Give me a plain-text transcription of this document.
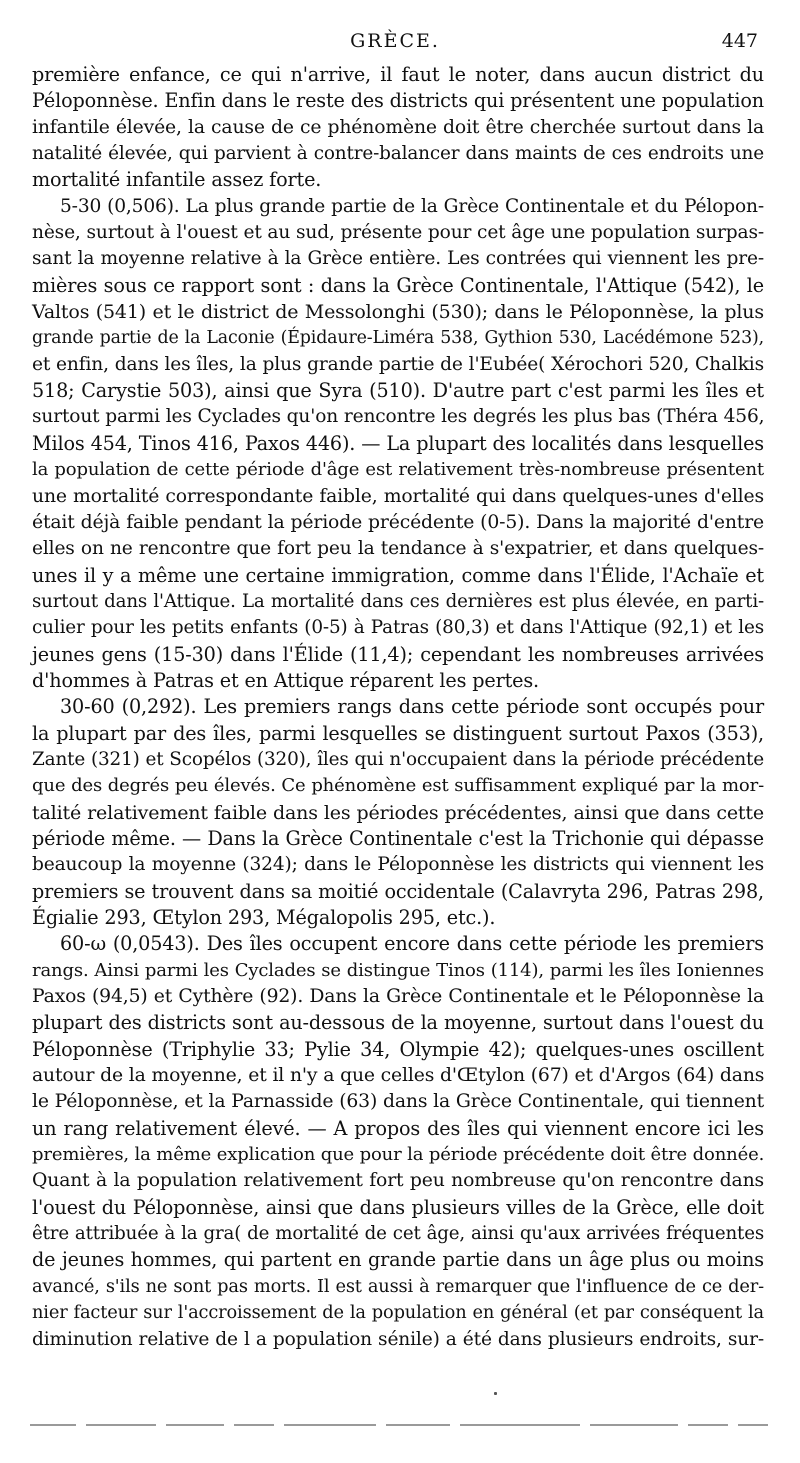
GRÈCE.	447
première enfance, ce qui n'arrive, il faut le noter, dans aucun district du
Péloponnèse. Enfin dans le reste des districts qui présentent une population
infantile élevée, la cause de ce phénomène doit être cherchée surtout dans la
natalité élevée, qui parvient à contre-balancer dans maints de ces endroits une
mortalité infantile assez forte.
5-30 (0,506). La plus grande partie de la Grèce Continentale et du Pélopon-
nèse, surtout à l'ouest et au sud, présente pour cet âge une population surpas-
sant la moyenne relative à la Grèce entière. Les contrées qui viennent les pre-
mières sous ce rapport sont : dans la Grèce Continentale, l'Attique (542), le
Valtos (541) et le district de Messolonghi (530); dans le Péloponnèse, la plus
grande partie de la Laconie (Épidaure-Liméra 538, Gythion 530, Lacédémone 523),
et enfin, dans les îles, la plus grande partie de l'Eubée( Xérochori 520, Chalkis
518; Carystie 503), ainsi que Syra (510). D'autre part c'est parmi les îles et
surtout parmi les Cyclades qu'on rencontre les degrés les plus bas (Théra 456,
Milos 454, Tinos 416, Paxos 446). — La plupart des localités dans lesquelles
la population de cette période d'âge est relativement très-nombreuse présentent
une mortalité correspondante faible, mortalité qui dans quelques-unes d'elles
était déjà faible pendant la période précédente (0-5). Dans la majorité d'entre
elles on ne rencontre que fort peu la tendance à s'expatrier, et dans quelques-
unes il y a même une certaine immigration, comme dans l'Élide, l'Achaïe et
surtout dans l'Attique. La mortalité dans ces dernières est plus élevée, en parti-
culier pour les petits enfants (0-5) à Patras (80,3) et dans l'Attique (92,1) et les
jeunes gens (15-30) dans l'Élide (11,4); cependant les nombreuses arrivées
d'hommes à Patras et en Attique réparent les pertes.
30-60 (0,292). Les premiers rangs dans cette période sont occupés pour
la plupart par des îles, parmi lesquelles se distinguent surtout Paxos (353),
Zante (321) et Scopélos (320), îles qui n'occupaient dans la période précédente
que des degrés peu élevés. Ce phénomène est suffisamment expliqué par la mor-
talité relativement faible dans les périodes précédentes, ainsi que dans cette
période même. — Dans la Grèce Continentale c'est la Trichonie qui dépasse
beaucoup la moyenne (324); dans le Péloponnèse les districts qui viennent les
premiers se trouvent dans sa moitié occidentale (Calavryta 296, Patras 298,
Égialie 293, Œtylon 293, Mégalopolis 295, etc.).
60-ω (0,0543). Des îles occupent encore dans cette période les premiers
rangs. Ainsi parmi les Cyclades se distingue Tinos (114), parmi les îles Ioniennes
Paxos (94,5) et Cythère (92). Dans la Grèce Continentale et le Péloponnèse la
plupart des districts sont au-dessous de la moyenne, surtout dans l'ouest du
Péloponnèse (Triphylie 33; Pylie 34, Olympie 42); quelques-unes oscillent
autour de la moyenne, et il n'y a que celles d'Œtylon (67) et d'Argos (64) dans
le Péloponnèse, et la Parnasside (63) dans la Grèce Continentale, qui tiennent
un rang relativement élevé. — A propos des îles qui viennent encore ici les
premières, la même explication que pour la période précédente doit être donnée.
Quant à la population relativement fort peu nombreuse qu'on rencontre dans
l'ouest du Péloponnèse, ainsi que dans plusieurs villes de la Grèce, elle doit
être attribuée à la gra( de mortalité de cet âge, ainsi qu'aux arrivées fréquentes
de jeunes hommes, qui partent en grande partie dans un âge plus ou moins
avancé, s'ils ne sont pas morts. Il est aussi à remarquer que l'influence de ce der-
nier facteur sur l'accroissement de la population en général (et par conséquent la
diminution relative de l a population sénile) a été dans plusieurs endroits, sur-
